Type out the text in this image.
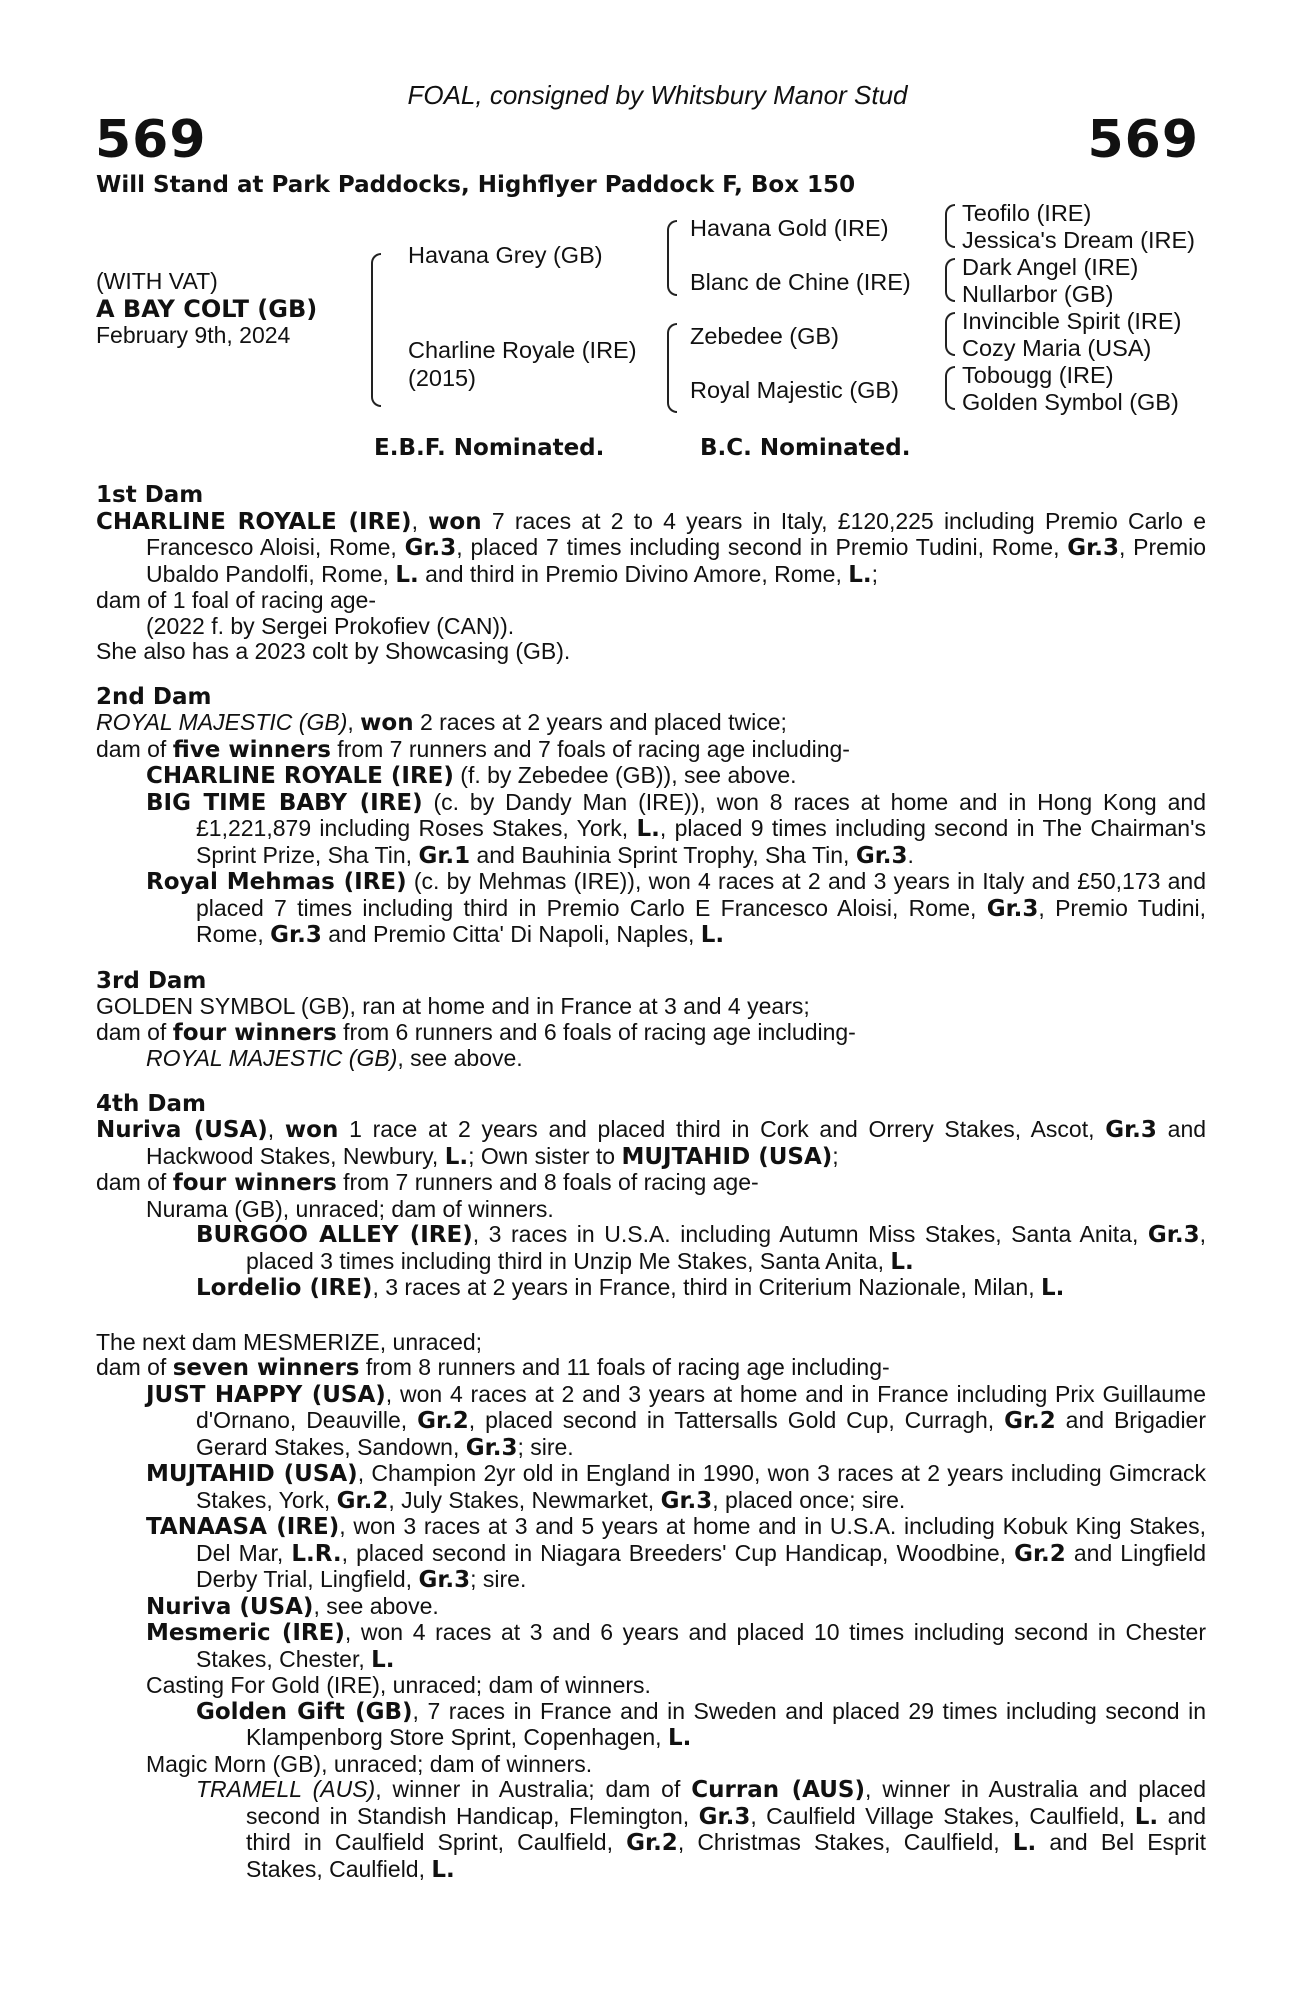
FOAL, consigned by Whitsbury Manor Stud
569	569
Will Stand at Park Paddocks, Highflyer Paddock F, Box 150
(WITH VAT)
A BAY COLT (GB)
February 9th, 2024
Havana Grey (GB)
Charline Royale (IRE)
(2015)
Havana Gold (IRE)
Blanc de Chine (IRE)
Zebedee (GB)
Royal Majestic (GB)
Teofilo (IRE)
Jessica's Dream (IRE)
Dark Angel (IRE)
Nullarbor (GB)
Invincible Spirit (IRE)
Cozy Maria (USA)
Tobougg (IRE)
Golden Symbol (GB)
E.B.F. Nominated.	B.C. Nominated.
1st Dam

CHARLINE ROYALE (IRE), won 7 races at 2 to 4 years in Italy, £120,225 including Premio Carlo e Francesco Aloisi, Rome, Gr.3, placed 7 times including second in Premio Tudini, Rome, Gr.3, Premio Ubaldo Pandolfi, Rome, L. and third in Premio Divino Amore, Rome, L.;

dam of 1 foal of racing age-

(2022 f. by Sergei Prokofiev (CAN)).

She also has a 2023 colt by Showcasing (GB).

2nd Dam

ROYAL MAJESTIC (GB), won 2 races at 2 years and placed twice;

dam of five winners from 7 runners and 7 foals of racing age including-

CHARLINE ROYALE (IRE) (f. by Zebedee (GB)), see above.

BIG TIME BABY (IRE) (c. by Dandy Man (IRE)), won 8 races at home and in Hong Kong and £1,221,879 including Roses Stakes, York, L., placed 9 times including second in The Chairman's Sprint Prize, Sha Tin, Gr.1 and Bauhinia Sprint Trophy, Sha Tin, Gr.3.

Royal Mehmas (IRE) (c. by Mehmas (IRE)), won 4 races at 2 and 3 years in Italy and £50,173 and placed 7 times including third in Premio Carlo E Francesco Aloisi, Rome, Gr.3, Premio Tudini, Rome, Gr.3 and Premio Citta' Di Napoli, Naples, L.

3rd Dam

GOLDEN SYMBOL (GB), ran at home and in France at 3 and 4 years;

dam of four winners from 6 runners and 6 foals of racing age including-

ROYAL MAJESTIC (GB), see above.

4th Dam

Nuriva (USA), won 1 race at 2 years and placed third in Cork and Orrery Stakes, Ascot, Gr.3 and Hackwood Stakes, Newbury, L.; Own sister to MUJTAHID (USA);

dam of four winners from 7 runners and 8 foals of racing age-

Nurama (GB), unraced; dam of winners.

BURGOO ALLEY (IRE), 3 races in U.S.A. including Autumn Miss Stakes, Santa Anita, Gr.3, placed 3 times including third in Unzip Me Stakes, Santa Anita, L.

Lordelio (IRE), 3 races at 2 years in France, third in Criterium Nazionale, Milan, L.

The next dam MESMERIZE, unraced;

dam of seven winners from 8 runners and 11 foals of racing age including-

JUST HAPPY (USA), won 4 races at 2 and 3 years at home and in France including Prix Guillaume d'Ornano, Deauville, Gr.2, placed second in Tattersalls Gold Cup, Curragh, Gr.2 and Brigadier Gerard Stakes, Sandown, Gr.3; sire.

MUJTAHID (USA), Champion 2yr old in England in 1990, won 3 races at 2 years including Gimcrack Stakes, York, Gr.2, July Stakes, Newmarket, Gr.3, placed once; sire.

TANAASA (IRE), won 3 races at 3 and 5 years at home and in U.S.A. including Kobuk King Stakes, Del Mar, L.R., placed second in Niagara Breeders' Cup Handicap, Woodbine, Gr.2 and Lingfield Derby Trial, Lingfield, Gr.3; sire.

Nuriva (USA), see above.

Mesmeric (IRE), won 4 races at 3 and 6 years and placed 10 times including second in Chester Stakes, Chester, L.

Casting For Gold (IRE), unraced; dam of winners.

Golden Gift (GB), 7 races in France and in Sweden and placed 29 times including second in Klampenborg Store Sprint, Copenhagen, L.

Magic Morn (GB), unraced; dam of winners.

TRAMELL (AUS), winner in Australia; dam of Curran (AUS), winner in Australia and placed second in Standish Handicap, Flemington, Gr.3, Caulfield Village Stakes, Caulfield, L. and third in Caulfield Sprint, Caulfield, Gr.2, Christmas Stakes, Caulfield, L. and Bel Esprit Stakes, Caulfield, L.
